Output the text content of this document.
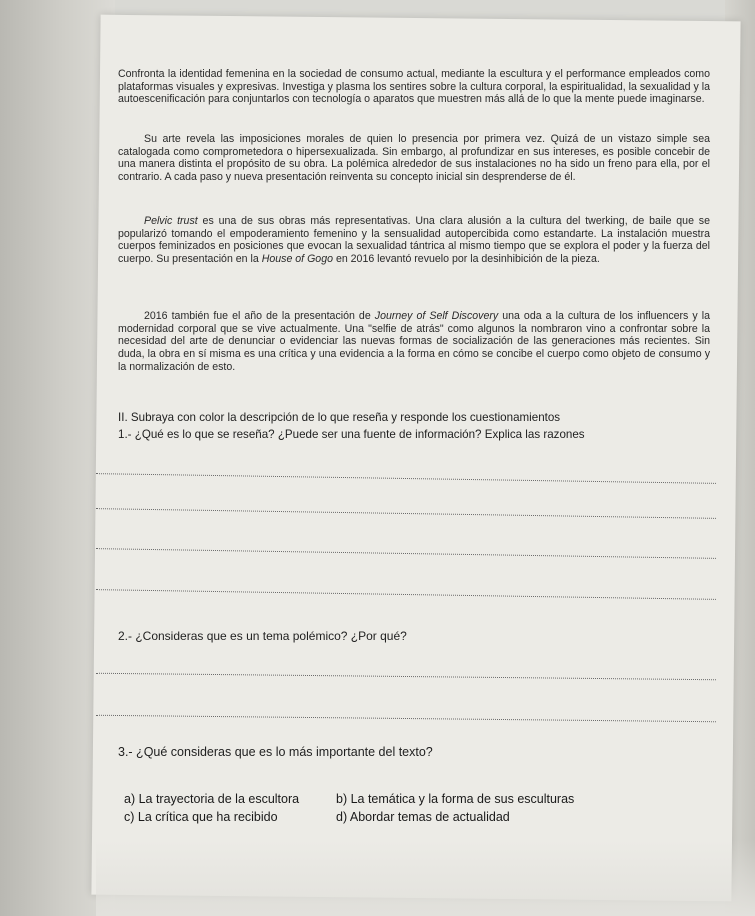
Confronta la identidad femenina en la sociedad de consumo actual, mediante la escultura y el performance empleados como plataformas visuales y expresivas. Investiga y plasma los sentires sobre la cultura corporal, la espiritualidad, la sexualidad y la autoescenificación para conjuntarlos con tecnología o aparatos que muestren más allá de lo que la mente puede imaginarse.
Su arte revela las imposiciones morales de quien lo presencia por primera vez. Quizá de un vistazo simple sea catalogada como comprometedora o hipersexualizada. Sin embargo, al profundizar en sus intereses, es posible concebir de una manera distinta el propósito de su obra. La polémica alrededor de sus instalaciones no ha sido un freno para ella, por el contrario. A cada paso y nueva presentación reinventa su concepto inicial sin desprenderse de él.
Pelvic trust es una de sus obras más representativas. Una clara alusión a la cultura del twerking, de baile que se popularizó tomando el empoderamiento femenino y la sensualidad autopercibida como estandarte. La instalación muestra cuerpos feminizados en posiciones que evocan la sexualidad tántrica al mismo tiempo que se explora el poder y la fuerza del cuerpo. Su presentación en la House of Gogo en 2016 levantó revuelo por la desinhibición de la pieza.
2016 también fue el año de la presentación de Journey of Self Discovery una oda a la cultura de los influencers y la modernidad corporal que se vive actualmente. Una "selfie de atrás" como algunos la nombraron vino a confrontar sobre la necesidad del arte de denunciar o evidenciar las nuevas formas de socialización de las generaciones más recientes. Sin duda, la obra en sí misma es una crítica y una evidencia a la forma en cómo se concibe el cuerpo como objeto de consumo y la normalización de esto.
II. Subraya con color la descripción de lo que reseña y responde los cuestionamientos
1.- ¿Qué es lo que se reseña? ¿Puede ser una fuente de información? Explica las razones
2.- ¿Consideras que es un tema polémico? ¿Por qué?
3.- ¿Qué consideras que es lo más importante del texto?
a) La trayectoria de la escultora	b) La temática y la forma de sus esculturas
c) La crítica que ha recibido	d) Abordar temas de actualidad
